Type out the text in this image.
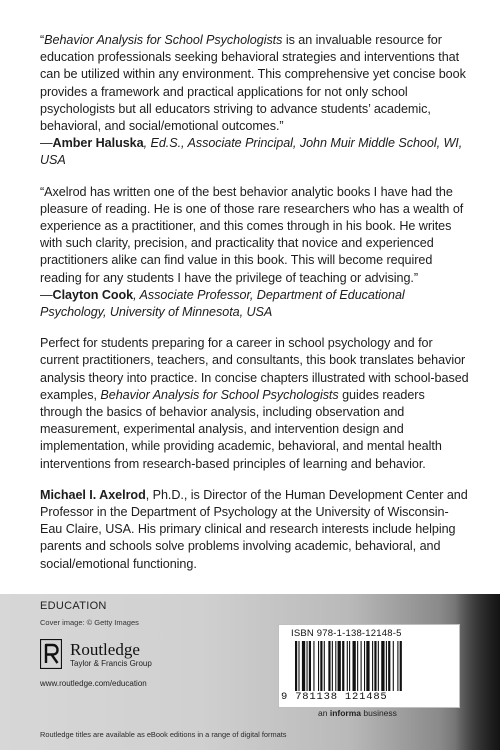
“Behavior Analysis for School Psychologists is an invaluable resource for education professionals seeking behavioral strategies and interventions that can be utilized within any environment. This comprehensive yet concise book provides a framework and practical applications for not only school psychologists but all educators striving to advance students’ academic, behavioral, and social/emotional outcomes.”
—Amber Haluska, Ed.S., Associate Principal, John Muir Middle School, WI, USA

“Axelrod has written one of the best behavior analytic books I have had the pleasure of reading. He is one of those rare researchers who has a wealth of experience as a practitioner, and this comes through in his book. He writes with such clarity, precision, and practicality that novice and experienced practitioners alike can find value in this book. This will become required reading for any students I have the privilege of teaching or advising.”
—Clayton Cook, Associate Professor, Department of Educational Psychology, University of Minnesota, USA

Perfect for students preparing for a career in school psychology and for current practitioners, teachers, and consultants, this book translates behavior analysis theory into practice. In concise chapters illustrated with school-based examples, Behavior Analysis for School Psychologists guides readers through the basics of behavior analysis, including observation and measurement, experimental analysis, and intervention design and implementation, while providing academic, behavioral, and mental health interventions from research-based principles of learning and behavior.

Michael I. Axelrod, Ph.D., is Director of the Human Development Center and Professor in the Department of Psychology at the University of Wisconsin-Eau Claire, USA. His primary clinical and research interests include helping parents and schools solve problems involving academic, behavioral, and social/emotional functioning.

EDUCATION
Cover image: © Getty Images
Routledge
Taylor & Francis Group
www.routledge.com/education
ISBN 978-1-138-12148-5
9 781138 121485
an informa business
Routledge titles are available as eBook editions in a range of digital formats
